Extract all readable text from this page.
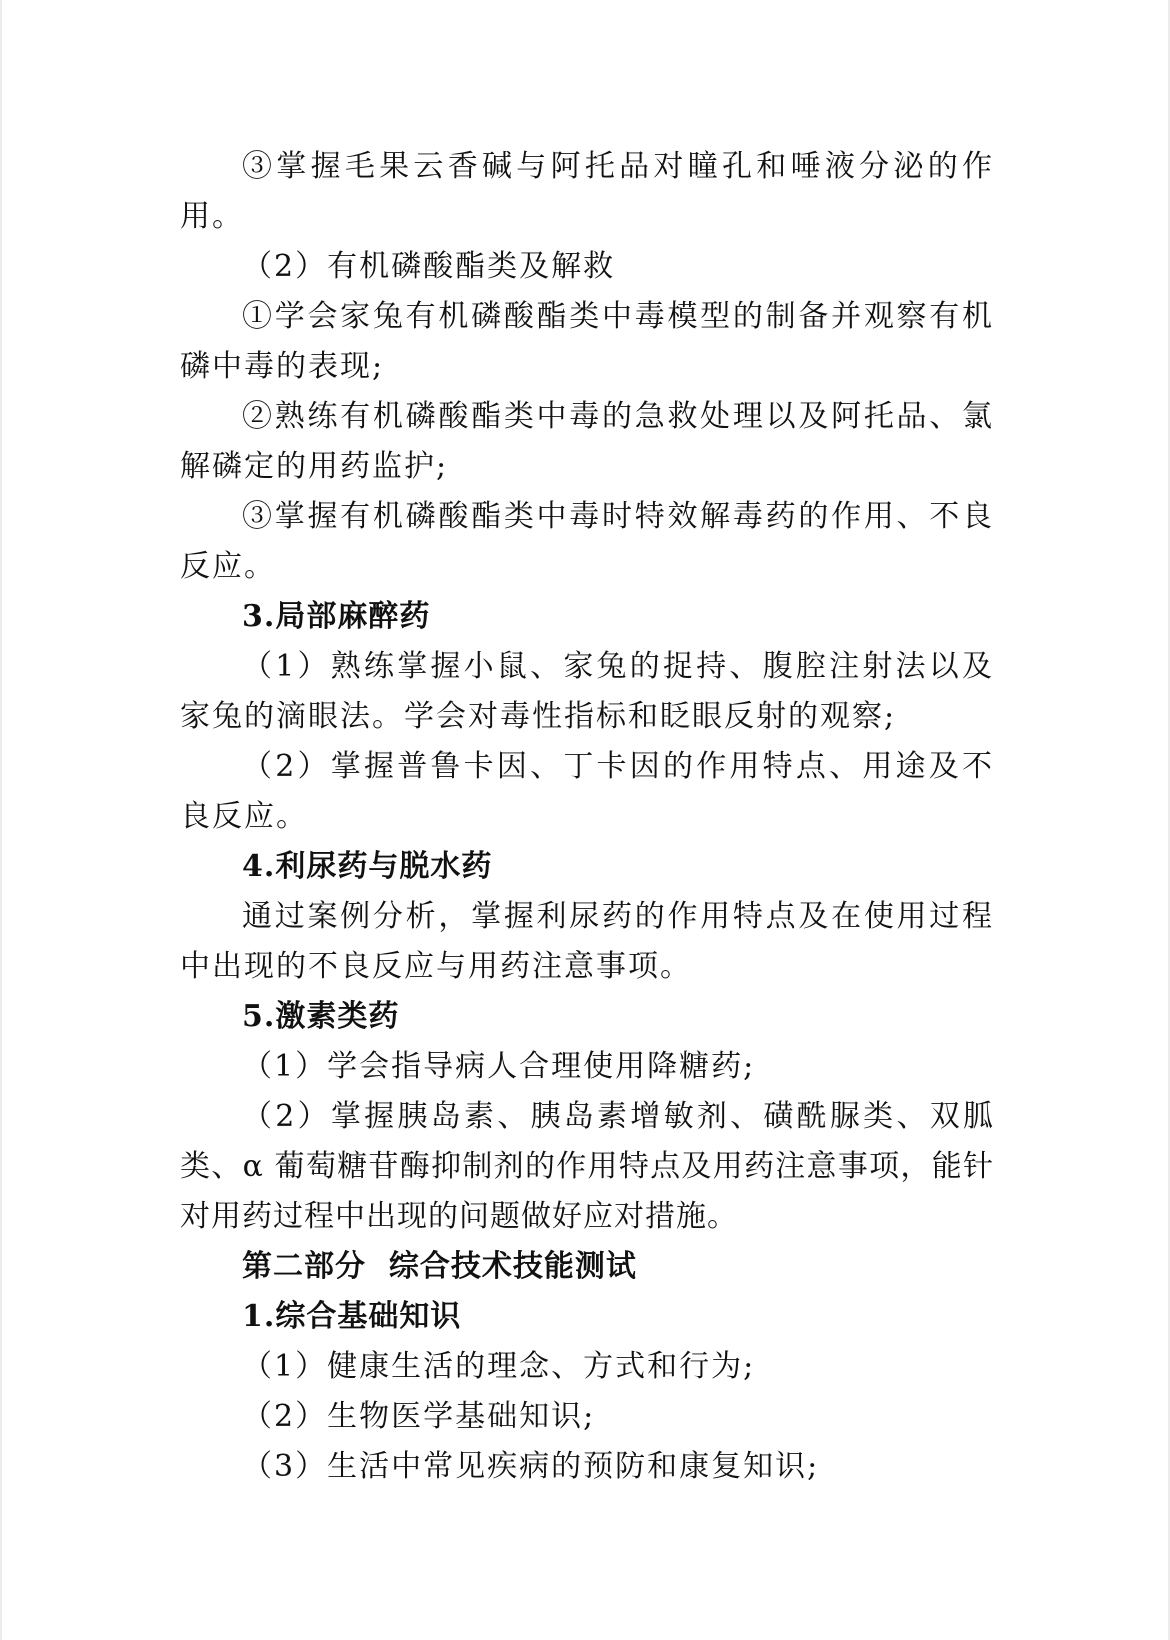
③掌握毛果云香碱与阿托品对瞳孔和唾液分泌的作用。

（2）有机磷酸酯类及解救

①学会家兔有机磷酸酯类中毒模型的制备并观察有机磷中毒的表现;

②熟练有机磷酸酯类中毒的急救处理以及阿托品、氯解磷定的用药监护;

③掌握有机磷酸酯类中毒时特效解毒药的作用、不良反应。

3.局部麻醉药

（1）熟练掌握小鼠、家兔的捉持、腹腔注射法以及家兔的滴眼法。学会对毒性指标和眨眼反射的观察;

（2）掌握普鲁卡因、丁卡因的作用特点、用途及不良反应。

4.利尿药与脱水药

通过案例分析，掌握利尿药的作用特点及在使用过程中出现的不良反应与用药注意事项。

5.激素类药

（1）学会指导病人合理使用降糖药;

（2）掌握胰岛素、胰岛素增敏剂、磺酰脲类、双胍类、α 葡萄糖苷酶抑制剂的作用特点及用药注意事项，能针对用药过程中出现的问题做好应对措施。

第二部分  综合技术技能测试

1.综合基础知识

（1）健康生活的理念、方式和行为;

（2）生物医学基础知识;

（3）生活中常见疾病的预防和康复知识;
